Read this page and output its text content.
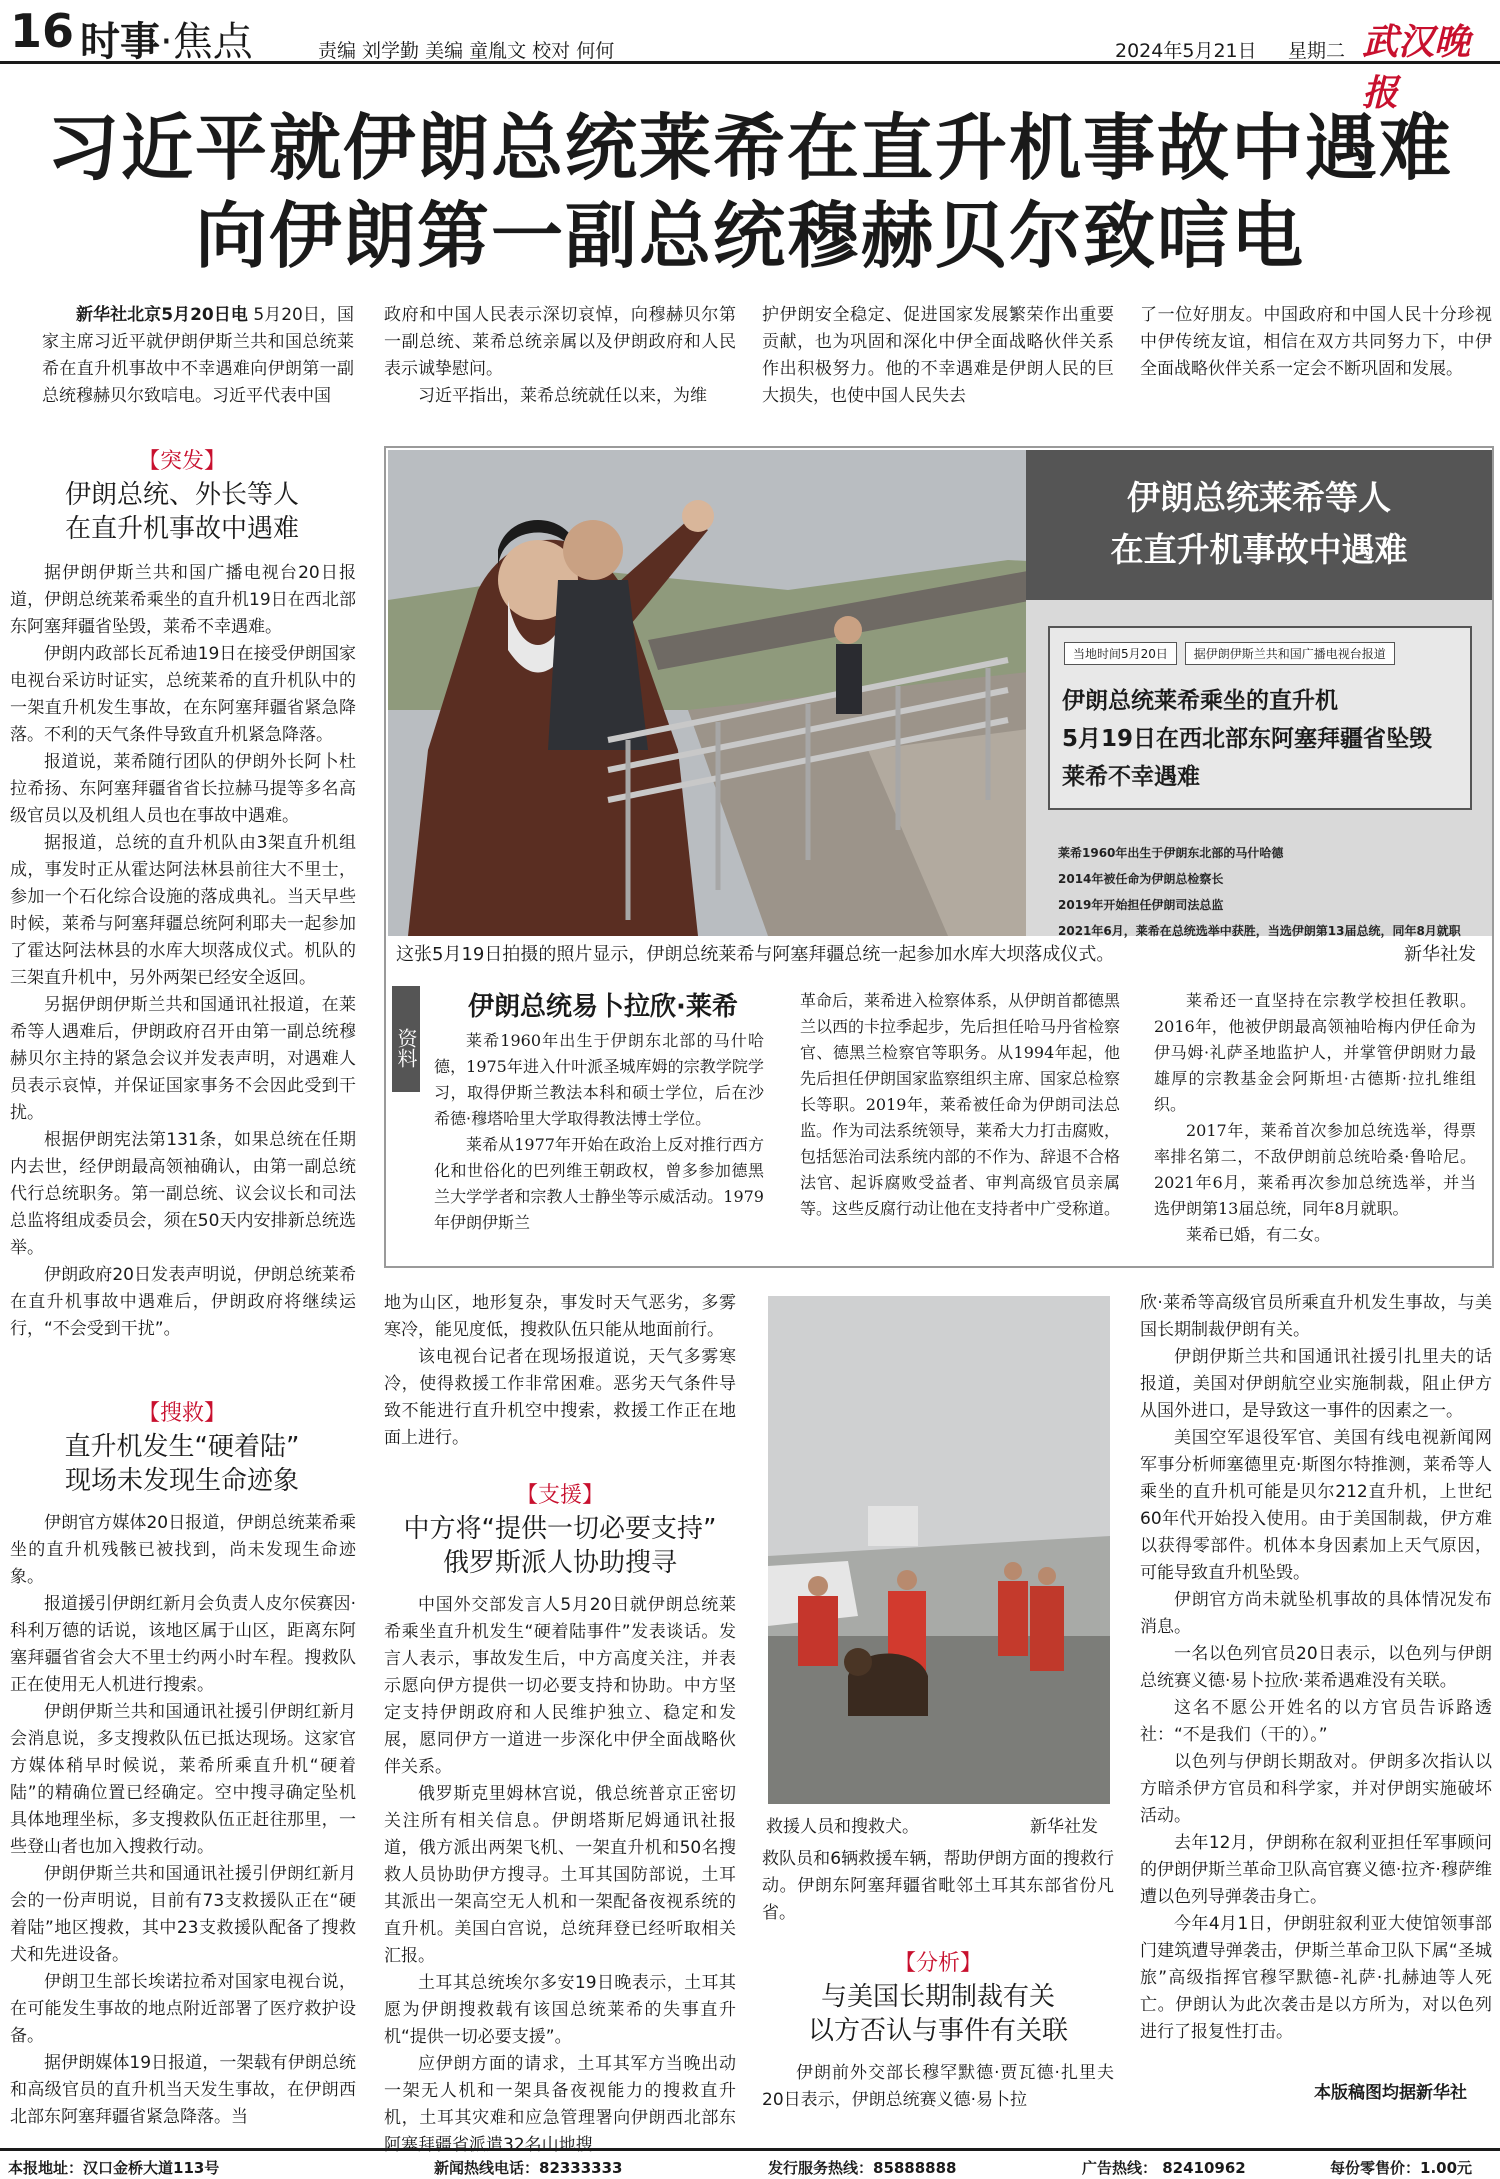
16 时事·焦点	责编 刘学勤 美编 童胤文 校对 何何	2024年5月21日 星期二 武汉晚报
习近平就伊朗总统莱希在直升机事故中遇难
向伊朗第一副总统穆赫贝尔致唁电

新华社北京5月20日电 5月20日，国家主席习近平就伊朗伊斯兰共和国总统莱希在直升机事故中不幸遇难向伊朗第一副总统穆赫贝尔致唁电。习近平代表中国

政府和中国人民表示深切哀悼，向穆赫贝尔第一副总统、莱希总统亲属以及伊朗政府和人民表示诚挚慰问。

习近平指出，莱希总统就任以来，为维

护伊朗安全稳定、促进国家发展繁荣作出重要贡献，也为巩固和深化中伊全面战略伙伴关系作出积极努力。他的不幸遇难是伊朗人民的巨大损失，也使中国人民失去

了一位好朋友。中国政府和中国人民十分珍视中伊传统友谊，相信在双方共同努力下，中伊全面战略伙伴关系一定会不断巩固和发展。

【突发】
伊朗总统、外长等人
在直升机事故中遇难

据伊朗伊斯兰共和国广播电视台20日报道，伊朗总统莱希乘坐的直升机19日在西北部东阿塞拜疆省坠毁，莱希不幸遇难。

伊朗内政部长瓦希迪19日在接受伊朗国家电视台采访时证实，总统莱希的直升机队中的一架直升机发生事故，在东阿塞拜疆省紧急降落。不利的天气条件导致直升机紧急降落。

报道说，莱希随行团队的伊朗外长阿卜杜拉希扬、东阿塞拜疆省省长拉赫马提等多名高级官员以及机组人员也在事故中遇难。

据报道，总统的直升机队由3架直升机组成，事发时正从霍达阿法林县前往大不里士，参加一个石化综合设施的落成典礼。当天早些时候，莱希与阿塞拜疆总统阿利耶夫一起参加了霍达阿法林县的水库大坝落成仪式。机队的三架直升机中，另外两架已经安全返回。

另据伊朗伊斯兰共和国通讯社报道，在莱希等人遇难后，伊朗政府召开由第一副总统穆赫贝尔主持的紧急会议并发表声明，对遇难人员表示哀悼，并保证国家事务不会因此受到干扰。

根据伊朗宪法第131条，如果总统在任期内去世，经伊朗最高领袖确认，由第一副总统代行总统职务。第一副总统、议会议长和司法总监将组成委员会，须在50天内安排新总统选举。

伊朗政府20日发表声明说，伊朗总统莱希在直升机事故中遇难后，伊朗政府将继续运行，“不会受到干扰”。

【搜救】
直升机发生“硬着陆”
现场未发现生命迹象

伊朗官方媒体20日报道，伊朗总统莱希乘坐的直升机残骸已被找到，尚未发现生命迹象。

报道援引伊朗红新月会负责人皮尔侯赛因·科利万德的话说，该地区属于山区，距离东阿塞拜疆省省会大不里士约两小时车程。搜救队正在使用无人机进行搜索。

伊朗伊斯兰共和国通讯社援引伊朗红新月会消息说，多支搜救队伍已抵达现场。这家官方媒体稍早时候说，莱希所乘直升机“硬着陆”的精确位置已经确定。空中搜寻确定坠机具体地理坐标，多支搜救队伍正赶往那里，一些登山者也加入搜救行动。

伊朗伊斯兰共和国通讯社援引伊朗红新月会的一份声明说，目前有73支救援队正在“硬着陆”地区搜救，其中23支救援队配备了搜救犬和先进设备。

伊朗卫生部长埃诺拉希对国家电视台说，在可能发生事故的地点附近部署了医疗救护设备。

据伊朗媒体19日报道，一架载有伊朗总统和高级官员的直升机当天发生事故，在伊朗西北部东阿塞拜疆省紧急降落。当

伊朗总统莱希等人
在直升机事故中遇难
当地时间5月20日 据伊朗伊斯兰共和国广播电视台报道
伊朗总统莱希乘坐的直升机
5月19日在西北部东阿塞拜疆省坠毁
莱希不幸遇难
莱希1960年出生于伊朗东北部的马什哈德
2014年被任命为伊朗总检察长
2019年开始担任伊朗司法总监
2021年6月，莱希在总统选举中获胜，当选伊朗第13届总统，同年8月就职
这张5月19日拍摄的照片显示，伊朗总统莱希与阿塞拜疆总统一起参加水库大坝落成仪式。	新华社发
资料
伊朗总统易卜拉欣·莱希

莱希1960年出生于伊朗东北部的马什哈德，1975年进入什叶派圣城库姆的宗教学院学习，取得伊斯兰教法本科和硕士学位，后在沙希德·穆塔哈里大学取得教法博士学位。

莱希从1977年开始在政治上反对推行西方化和世俗化的巴列维王朝政权，曾多参加德黑兰大学学者和宗教人士静坐等示威活动。1979年伊朗伊斯兰

革命后，莱希进入检察体系，从伊朗首都德黑兰以西的卡拉季起步，先后担任哈马丹省检察官、德黑兰检察官等职务。从1994年起，他先后担任伊朗国家监察组织主席、国家总检察长等职。2019年，莱希被任命为伊朗司法总监。作为司法系统领导，莱希大力打击腐败，包括惩治司法系统内部的不作为、辞退不合格法官、起诉腐败受益者、审判高级官员亲属等。这些反腐行动让他在支持者中广受称道。

莱希还一直坚持在宗教学校担任教职。2016年，他被伊朗最高领袖哈梅内伊任命为伊马姆·礼萨圣地监护人，并掌管伊朗财力最雄厚的宗教基金会阿斯坦·古德斯·拉扎维组织。

2017年，莱希首次参加总统选举，得票率排名第二，不敌伊朗前总统哈桑·鲁哈尼。2021年6月，莱希再次参加总统选举，并当选伊朗第13届总统，同年8月就职。

莱希已婚，有二女。

地为山区，地形复杂，事发时天气恶劣，多雾寒冷，能见度低，搜救队伍只能从地面前行。

该电视台记者在现场报道说，天气多雾寒冷，使得救援工作非常困难。恶劣天气条件导致不能进行直升机空中搜索，救援工作正在地面上进行。

【支援】
中方将“提供一切必要支持”
俄罗斯派人协助搜寻

中国外交部发言人5月20日就伊朗总统莱希乘坐直升机发生“硬着陆事件”发表谈话。发言人表示，事故发生后，中方高度关注，并表示愿向伊方提供一切必要支持和协助。中方坚定支持伊朗政府和人民维护独立、稳定和发展，愿同伊方一道进一步深化中伊全面战略伙伴关系。

俄罗斯克里姆林宫说，俄总统普京正密切关注所有相关信息。伊朗塔斯尼姆通讯社报道，俄方派出两架飞机、一架直升机和50名搜救人员协助伊方搜寻。土耳其国防部说，土耳其派出一架高空无人机和一架配备夜视系统的直升机。美国白宫说，总统拜登已经听取相关汇报。

土耳其总统埃尔多安19日晚表示，土耳其愿为伊朗搜救载有该国总统莱希的失事直升机“提供一切必要支援”。

应伊朗方面的请求，土耳其军方当晚出动一架无人机和一架具备夜视能力的搜救直升机，土耳其灾难和应急管理署向伊朗西北部东阿塞拜疆省派遣32名山地搜

救援人员和搜救犬。	新华社发

救队员和6辆救援车辆，帮助伊朗方面的搜救行动。伊朗东阿塞拜疆省毗邻土耳其东部省份凡省。

【分析】
与美国长期制裁有关
以方否认与事件有关联

伊朗前外交部长穆罕默德·贾瓦德·扎里夫20日表示，伊朗总统赛义德·易卜拉

欣·莱希等高级官员所乘直升机发生事故，与美国长期制裁伊朗有关。

伊朗伊斯兰共和国通讯社援引扎里夫的话报道，美国对伊朗航空业实施制裁，阻止伊方从国外进口，是导致这一事件的因素之一。

美国空军退役军官、美国有线电视新闻网军事分析师塞德里克·斯图尔特推测，莱希等人乘坐的直升机可能是贝尔212直升机，上世纪60年代开始投入使用。由于美国制裁，伊方难以获得零部件。机体本身因素加上天气原因，可能导致直升机坠毁。

伊朗官方尚未就坠机事故的具体情况发布消息。

一名以色列官员20日表示，以色列与伊朗总统赛义德·易卜拉欣·莱希遇难没有关联。

这名不愿公开姓名的以方官员告诉路透社：“不是我们（干的）。”

以色列与伊朗长期敌对。伊朗多次指认以方暗杀伊方官员和科学家，并对伊朗实施破坏活动。

去年12月，伊朗称在叙利亚担任军事顾问的伊朗伊斯兰革命卫队高官赛义德·拉齐·穆萨维遭以色列导弹袭击身亡。

今年4月1日，伊朗驻叙利亚大使馆领事部门建筑遭导弹袭击，伊斯兰革命卫队下属“圣城旅”高级指挥官穆罕默德-礼萨·扎赫迪等人死亡。伊朗认为此次袭击是以方所为，对以色列进行了报复性打击。

本版稿图均据新华社
本报地址：汉口金桥大道113号	新闻热线电话：82333333	发行服务热线：85888888	广告热线： 82410962	每份零售价：1.00元
